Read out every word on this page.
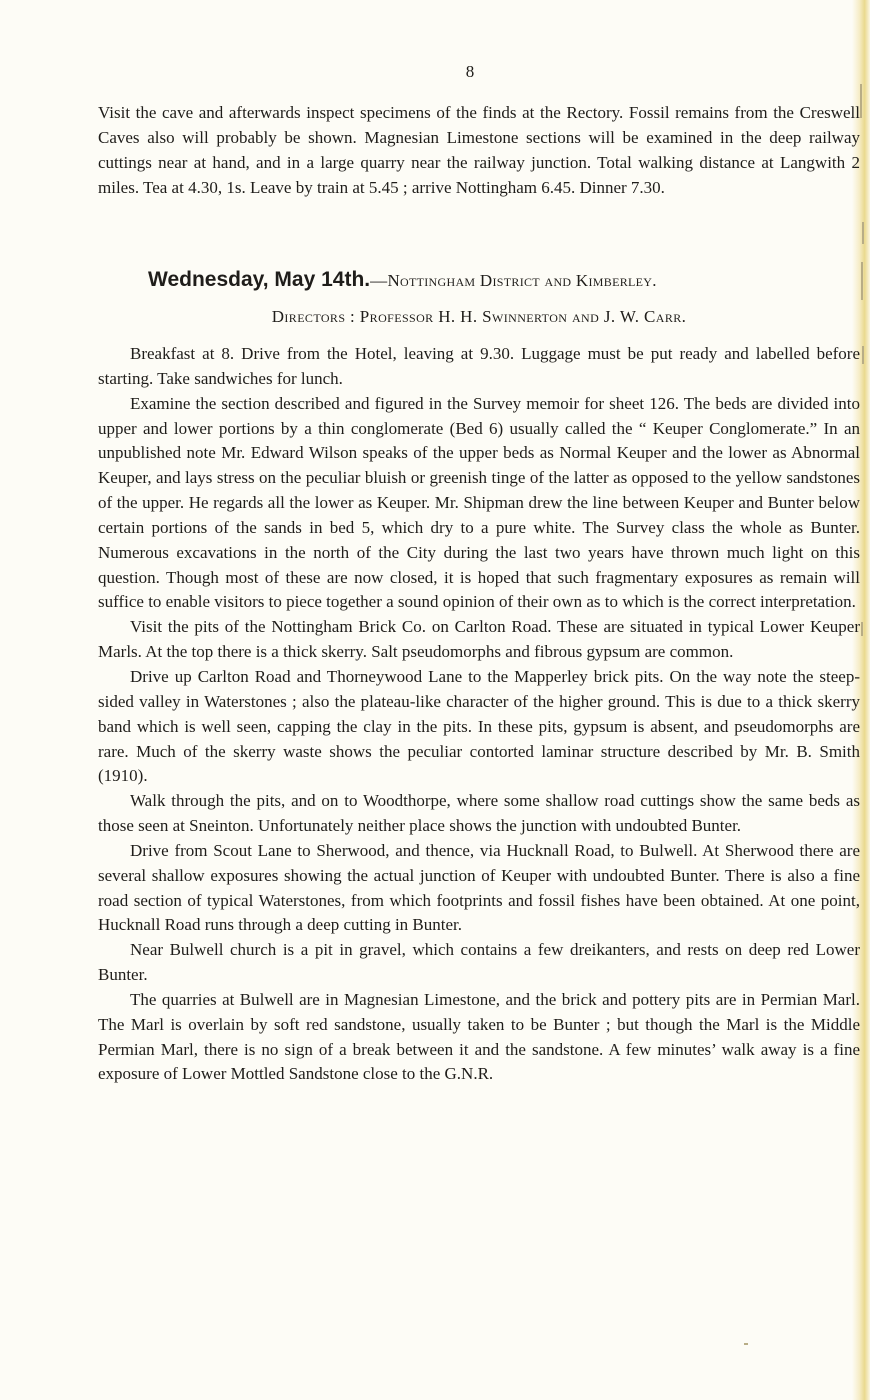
8

Visit the cave and afterwards inspect specimens of the finds at the Rectory. Fossil remains from the Creswell Caves also will probably be shown. Magnesian Limestone sections will be examined in the deep railway cuttings near at hand, and in a large quarry near the railway junction. Total walking distance at Langwith 2 miles. Tea at 4.30, 1s. Leave by train at 5.45 ; arrive Nottingham 6.45. Dinner 7.30.

Wednesday, May 14th.—Nottingham District and Kimberley.
Directors : Professor H. H. Swinnerton and J. W. Carr.

Breakfast at 8. Drive from the Hotel, leaving at 9.30. Luggage must be put ready and labelled before starting. Take sandwiches for lunch.

Examine the section described and figured in the Survey memoir for sheet 126. The beds are divided into upper and lower portions by a thin conglomerate (Bed 6) usually called the “ Keuper Conglomerate.” In an unpublished note Mr. Edward Wilson speaks of the upper beds as Normal Keuper and the lower as Abnormal Keuper, and lays stress on the peculiar bluish or greenish tinge of the latter as opposed to the yellow sandstones of the upper. He regards all the lower as Keuper. Mr. Shipman drew the line between Keuper and Bunter below certain portions of the sands in bed 5, which dry to a pure white. The Survey class the whole as Bunter. Numerous excavations in the north of the City during the last two years have thrown much light on this question. Though most of these are now closed, it is hoped that such fragmentary exposures as remain will suffice to enable visitors to piece together a sound opinion of their own as to which is the correct interpretation.

Visit the pits of the Nottingham Brick Co. on Carlton Road. These are situated in typical Lower Keuper Marls. At the top there is a thick skerry. Salt pseudomorphs and fibrous gypsum are common.

Drive up Carlton Road and Thorneywood Lane to the Mapperley brick pits. On the way note the steep-sided valley in Waterstones ; also the plateau-like character of the higher ground. This is due to a thick skerry band which is well seen, capping the clay in the pits. In these pits, gypsum is absent, and pseudomorphs are rare. Much of the skerry waste shows the peculiar contorted laminar structure described by Mr. B. Smith (1910).

Walk through the pits, and on to Woodthorpe, where some shallow road cuttings show the same beds as those seen at Sneinton. Unfortunately neither place shows the junction with undoubted Bunter.

Drive from Scout Lane to Sherwood, and thence, via Hucknall Road, to Bulwell. At Sherwood there are several shallow exposures showing the actual junction of Keuper with undoubted Bunter. There is also a fine road section of typical Waterstones, from which footprints and fossil fishes have been obtained. At one point, Hucknall Road runs through a deep cutting in Bunter.

Near Bulwell church is a pit in gravel, which contains a few dreikanters, and rests on deep red Lower Bunter.

The quarries at Bulwell are in Magnesian Limestone, and the brick and pottery pits are in Permian Marl. The Marl is overlain by soft red sandstone, usually taken to be Bunter ; but though the Marl is the Middle Permian Marl, there is no sign of a break between it and the sandstone. A few minutes’ walk away is a fine exposure of Lower Mottled Sandstone close to the G.N.R.
